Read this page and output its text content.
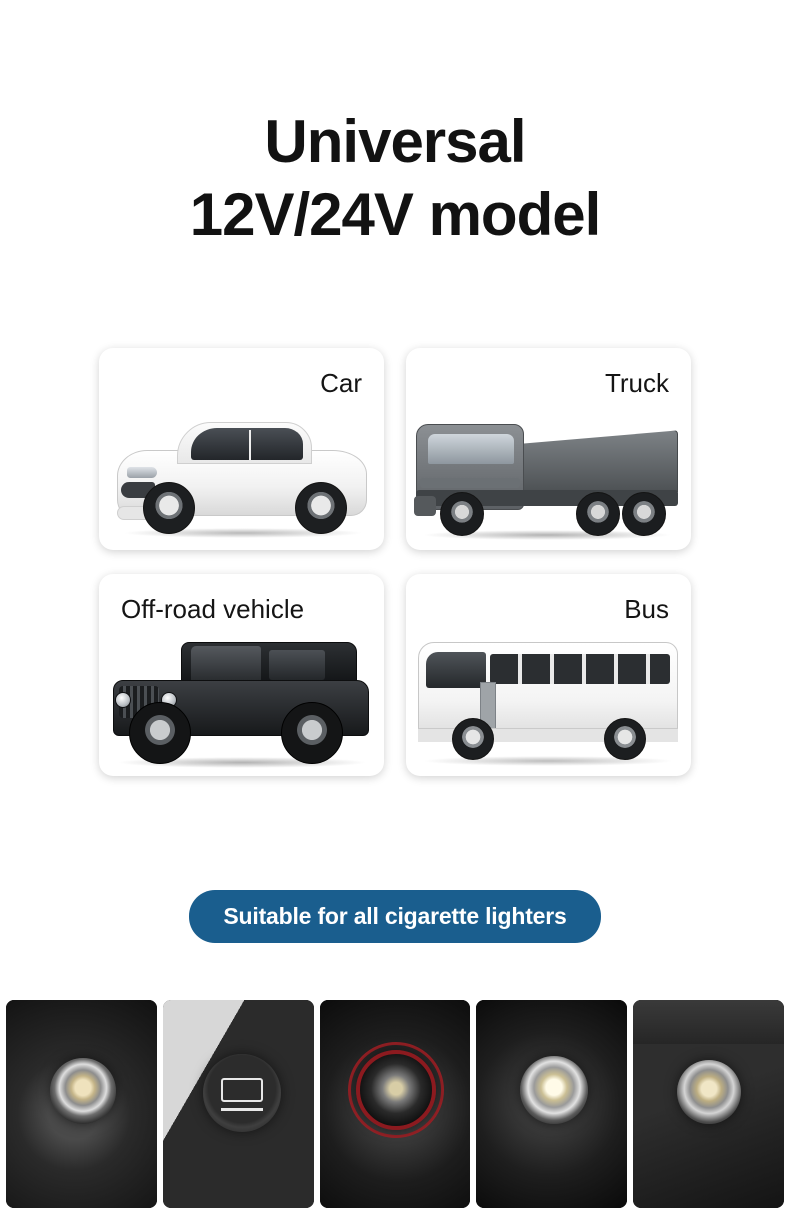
Universal
12V/24V model
Car	Truck
Off-road vehicle	Bus
Suitable for all cigarette lighters
